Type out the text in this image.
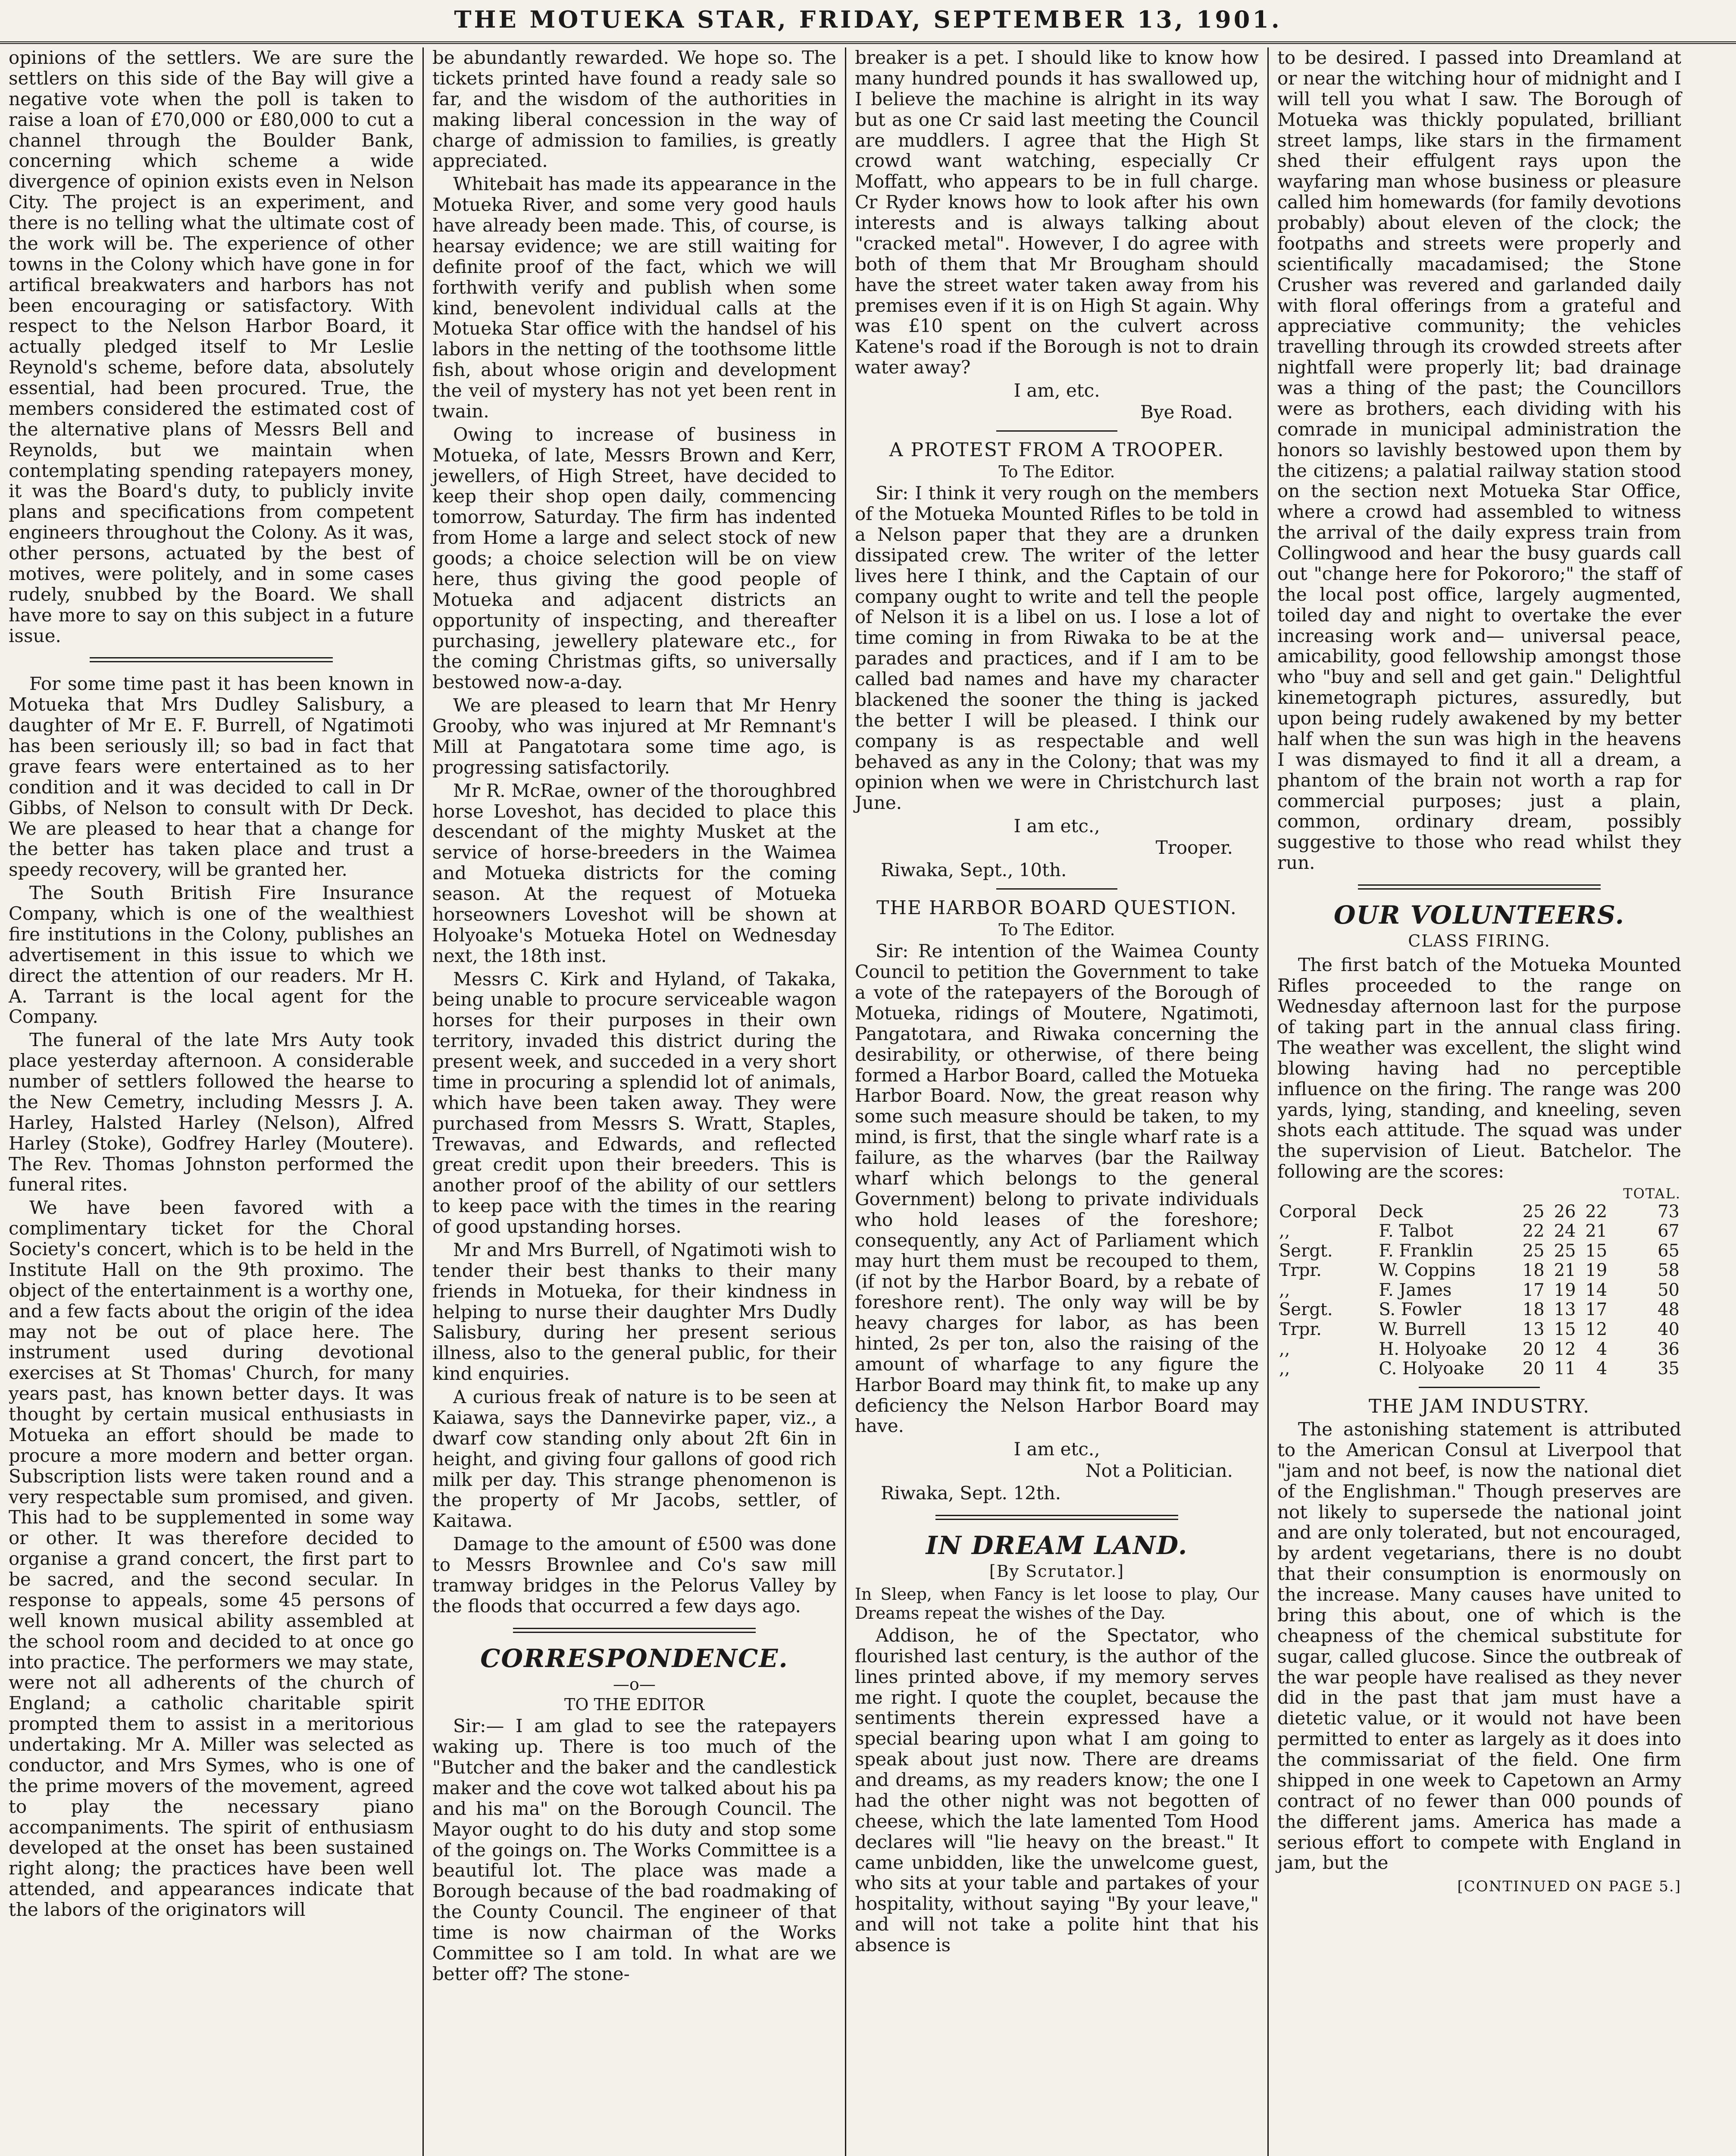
THE MOTUEKA STAR, FRIDAY, SEPTEMBER 13, 1901.

opinions of the settlers. We are sure the settlers on this side of the Bay will give a negative vote when the poll is taken to raise a loan of £70,000 or £80,000 to cut a channel through the Boulder Bank, concerning which scheme a wide divergence of opinion exists even in Nelson City. The project is an experiment, and there is no telling what the ultimate cost of the work will be. The experience of other towns in the Colony which have gone in for artifical breakwaters and harbors has not been encouraging or satisfactory. With respect to the Nelson Harbor Board, it actually pledged itself to Mr Leslie Reynold's scheme, before data, absolutely essential, had been procured. True, the members considered the estimated cost of the alternative plans of Messrs Bell and Reynolds, but we maintain when contemplating spending ratepayers money, it was the Board's duty, to publicly invite plans and specifications from competent engineers throughout the Colony. As it was, other persons, actuated by the best of motives, were politely, and in some cases rudely, snubbed by the Board. We shall have more to say on this subject in a future issue.

For some time past it has been known in Motueka that Mrs Dudley Salisbury, a daughter of Mr E. F. Burrell, of Ngatimoti has been seriously ill; so bad in fact that grave fears were entertained as to her condition and it was decided to call in Dr Gibbs, of Nelson to consult with Dr Deck. We are pleased to hear that a change for the better has taken place and trust a speedy recovery, will be granted her.

The South British Fire Insurance Company, which is one of the wealthiest fire institutions in the Colony, publishes an advertisement in this issue to which we direct the attention of our readers. Mr H. A. Tarrant is the local agent for the Company.

The funeral of the late Mrs Auty took place yesterday afternoon. A considerable number of settlers followed the hearse to the New Cemetry, including Messrs J. A. Harley, Halsted Harley (Nelson), Alfred Harley (Stoke), Godfrey Harley (Moutere). The Rev. Thomas Johnston performed the funeral rites.

We have been favored with a complimentary ticket for the Choral Society's concert, which is to be held in the Institute Hall on the 9th proximo. The object of the entertainment is a worthy one, and a few facts about the origin of the idea may not be out of place here. The instrument used during devotional exercises at St Thomas' Church, for many years past, has known better days. It was thought by certain musical enthusiasts in Motueka an effort should be made to procure a more modern and better organ. Subscription lists were taken round and a very respectable sum promised, and given. This had to be supplemented in some way or other. It was therefore decided to organise a grand concert, the first part to be sacred, and the second secular. In response to appeals, some 45 persons of well known musical ability assembled at the school room and decided to at once go into practice. The performers we may state, were not all adherents of the church of England; a catholic charitable spirit prompted them to assist in a meritorious undertaking. Mr A. Miller was selected as conductor, and Mrs Symes, who is one of the prime movers of the movement, agreed to play the necessary piano accompaniments. The spirit of enthusiasm developed at the onset has been sustained right along; the practices have been well attended, and appearances indicate that the labors of the originators will

be abundantly rewarded. We hope so. The tickets printed have found a ready sale so far, and the wisdom of the authorities in making liberal concession in the way of charge of admission to families, is greatly appreciated.

Whitebait has made its appearance in the Motueka River, and some very good hauls have already been made. This, of course, is hearsay evidence; we are still waiting for definite proof of the fact, which we will forthwith verify and publish when some kind, benevolent individual calls at the Motueka Star office with the handsel of his labors in the netting of the toothsome little fish, about whose origin and development the veil of mystery has not yet been rent in twain.

Owing to increase of business in Motueka, of late, Messrs Brown and Kerr, jewellers, of High Street, have decided to keep their shop open daily, commencing tomorrow, Saturday. The firm has indented from Home a large and select stock of new goods; a choice selection will be on view here, thus giving the good people of Motueka and adjacent districts an opportunity of inspecting, and thereafter purchasing, jewellery plateware etc., for the coming Christmas gifts, so universally bestowed now-a-day.

We are pleased to learn that Mr Henry Grooby, who was injured at Mr Remnant's Mill at Pangatotara some time ago, is progressing satisfactorily.

Mr R. McRae, owner of the thoroughbred horse Loveshot, has decided to place this descendant of the mighty Musket at the service of horse-breeders in the Waimea and Motueka districts for the coming season. At the request of Motueka horseowners Loveshot will be shown at Holyoake's Motueka Hotel on Wednesday next, the 18th inst.

Messrs C. Kirk and Hyland, of Takaka, being unable to procure serviceable wagon horses for their purposes in their own territory, invaded this district during the present week, and succeded in a very short time in procuring a splendid lot of animals, which have been taken away. They were purchased from Messrs S. Wratt, Staples, Trewavas, and Edwards, and reflected great credit upon their breeders. This is another proof of the ability of our settlers to keep pace with the times in the rearing of good upstanding horses.

Mr and Mrs Burrell, of Ngatimoti wish to tender their best thanks to their many friends in Motueka, for their kindness in helping to nurse their daughter Mrs Dudly Salisbury, during her present serious illness, also to the general public, for their kind enquiries.

A curious freak of nature is to be seen at Kaiawa, says the Dannevirke paper, viz., a dwarf cow standing only about 2ft 6in in height, and giving four gallons of good rich milk per day. This strange phenomenon is the property of Mr Jacobs, settler, of Kaitawa.

Damage to the amount of £500 was done to Messrs Brownlee and Co's saw mill tramway bridges in the Pelorus Valley by the floods that occurred a few days ago.

CORRESPONDENCE.
—o—
TO THE EDITOR

Sir:— I am glad to see the ratepayers waking up. There is too much of the "Butcher and the baker and the candlestick maker and the cove wot talked about his pa and his ma" on the Borough Council. The Mayor ought to do his duty and stop some of the goings on. The Works Committee is a beautiful lot. The place was made a Borough because of the bad roadmaking of the County Council. The engineer of that time is now chairman of the Works Committee so I am told. In what are we better off? The stone-

breaker is a pet. I should like to know how many hundred pounds it has swallowed up, I believe the machine is alright in its way but as one Cr said last meeting the Council are muddlers. I agree that the High St crowd want watching, especially Cr Moffatt, who appears to be in full charge. Cr Ryder knows how to look after his own interests and is always talking about "cracked metal". However, I do agree with both of them that Mr Brougham should have the street water taken away from his premises even if it is on High St again. Why was £10 spent on the culvert across Katene's road if the Borough is not to drain water away?

I am, etc.
Bye Road.
A PROTEST FROM A TROOPER.
To The Editor.

Sir: I think it very rough on the members of the Motueka Mounted Rifles to be told in a Nelson paper that they are a drunken dissipated crew. The writer of the letter lives here I think, and the Captain of our company ought to write and tell the people of Nelson it is a libel on us. I lose a lot of time coming in from Riwaka to be at the parades and practices, and if I am to be called bad names and have my character blackened the sooner the thing is jacked the better I will be pleased. I think our company is as respectable and well behaved as any in the Colony; that was my opinion when we were in Christchurch last June.

I am etc.,
Trooper.
Riwaka, Sept., 10th.
THE HARBOR BOARD QUESTION.
To The Editor.

Sir: Re intention of the Waimea County Council to petition the Government to take a vote of the ratepayers of the Borough of Motueka, ridings of Moutere, Ngatimoti, Pangatotara, and Riwaka concerning the desirability, or otherwise, of there being formed a Harbor Board, called the Motueka Harbor Board. Now, the great reason why some such measure should be taken, to my mind, is first, that the single wharf rate is a failure, as the wharves (bar the Railway wharf which belongs to the general Government) belong to private individuals who hold leases of the foreshore; consequently, any Act of Parliament which may hurt them must be recouped to them, (if not by the Harbor Board, by a rebate of foreshore rent). The only way will be by heavy charges for labor, as has been hinted, 2s per ton, also the raising of the amount of wharfage to any figure the Harbor Board may think fit, to make up any deficiency the Nelson Harbor Board may have.

I am etc.,
Not a Politician.
Riwaka, Sept. 12th.
IN DREAM LAND.
[By Scrutator.]

In Sleep, when Fancy is let loose to play, Our Dreams repeat the wishes of the Day.

Addison, he of the Spectator, who flourished last century, is the author of the lines printed above, if my memory serves me right. I quote the couplet, because the sentiments therein expressed have a special bearing upon what I am going to speak about just now. There are dreams and dreams, as my readers know; the one I had the other night was not begotten of cheese, which the late lamented Tom Hood declares will "lie heavy on the breast." It came unbidden, like the unwelcome guest, who sits at your table and partakes of your hospitality, without saying "By your leave," and will not take a polite hint that his absence is

to be desired. I passed into Dreamland at or near the witching hour of midnight and I will tell you what I saw. The Borough of Motueka was thickly populated, brilliant street lamps, like stars in the firmament shed their effulgent rays upon the wayfaring man whose business or pleasure called him homewards (for family devotions probably) about eleven of the clock; the footpaths and streets were properly and scientifically macadamised; the Stone Crusher was revered and garlanded daily with floral offerings from a grateful and appreciative community; the vehicles travelling through its crowded streets after nightfall were properly lit; bad drainage was a thing of the past; the Councillors were as brothers, each dividing with his comrade in municipal administration the honors so lavishly bestowed upon them by the citizens; a palatial railway station stood on the section next Motueka Star Office, where a crowd had assembled to witness the arrival of the daily express train from Collingwood and hear the busy guards call out "change here for Pokororo;" the staff of the local post office, largely augmented, toiled day and night to overtake the ever increasing work and— universal peace, amicability, good fellowship amongst those who "buy and sell and get gain." Delightful kinemetograph pictures, assuredly, but upon being rudely awakened by my better half when the sun was high in the heavens I was dismayed to find it all a dream, a phantom of the brain not worth a rap for commercial purposes; just a plain, common, ordinary dream, possibly suggestive to those who read whilst they run.

OUR VOLUNTEERS.
CLASS FIRING.

The first batch of the Motueka Mounted Rifles proceeded to the range on Wednesday afternoon last for the purpose of taking part in the annual class firing. The weather was excellent, the slight wind blowing having had no perceptible influence on the firing. The range was 200 yards, lying, standing, and kneeling, seven shots each attitude. The squad was under the supervision of Lieut. Batchelor. The following are the scores:

					TOTAL.
Corporal	Deck	25	26	22	73
,,	F. Talbot	22	24	21	67
Sergt.	F. Franklin	25	25	15	65
Trpr.	W. Coppins	18	21	19	58
,,	F. James	17	19	14	50
Sergt.	S. Fowler	18	13	17	48
Trpr.	W. Burrell	13	15	12	40
,,	H. Holyoake	20	12	4	36
,,	C. Holyoake	20	11	4	35
THE JAM INDUSTRY.

The astonishing statement is attributed to the American Consul at Liverpool that "jam and not beef, is now the national diet of the Englishman." Though preserves are not likely to supersede the national joint and are only tolerated, but not encouraged, by ardent vegetarians, there is no doubt that their consumption is enormously on the increase. Many causes have united to bring this about, one of which is the cheapness of the chemical substitute for sugar, called glucose. Since the outbreak of the war people have realised as they never did in the past that jam must have a dietetic value, or it would not have been permitted to enter as largely as it does into the commissariat of the field. One firm shipped in one week to Capetown an Army contract of no fewer than 000 pounds of the different jams. America has made a serious effort to compete with England in jam, but the

[CONTINUED ON PAGE 5.]
